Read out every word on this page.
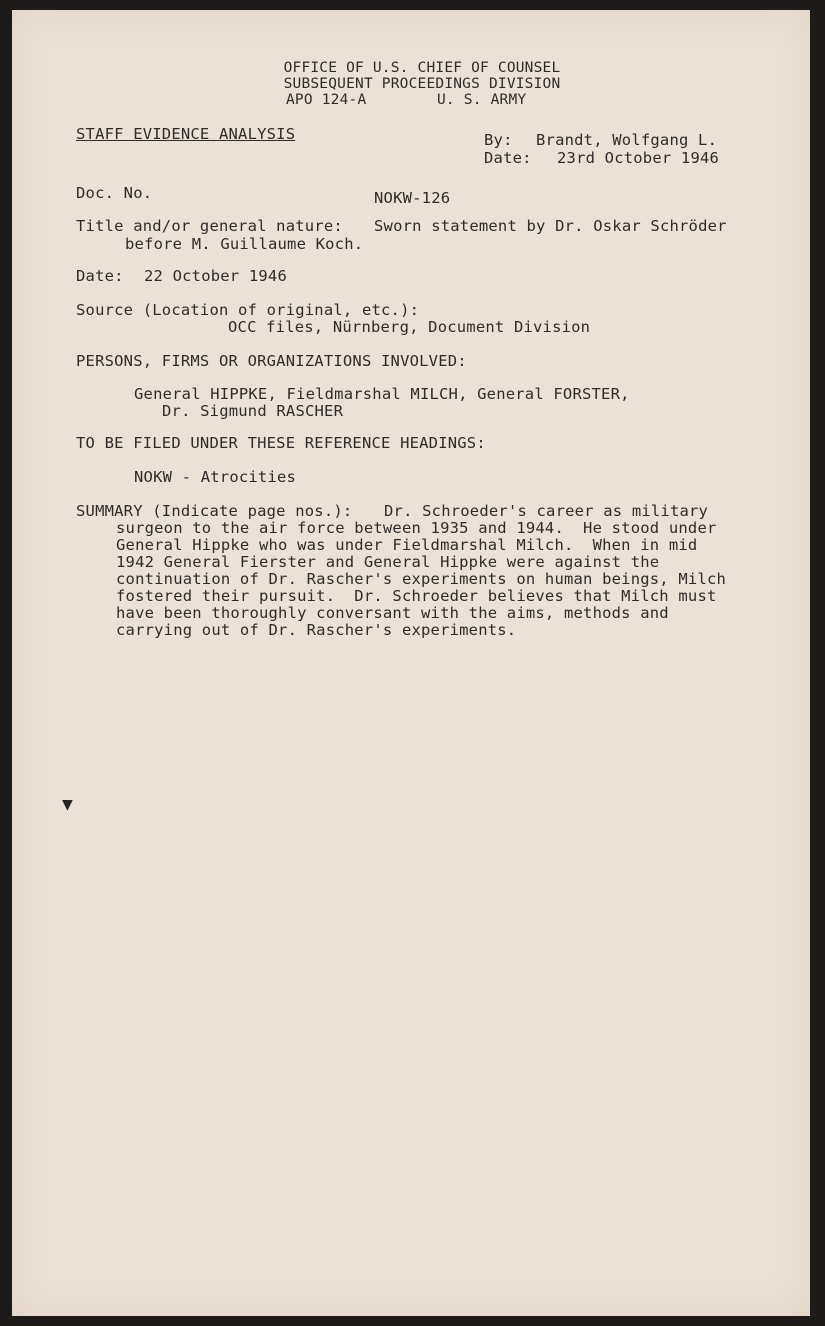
OFFICE OF U.S. CHIEF OF COUNSEL
SUBSEQUENT PROCEEDINGS DIVISION
APO 124-A	U. S. ARMY
STAFF EVIDENCE ANALYSIS	By: Brandt, Wolfgang L.
Date: 23rd October 1946
Doc. No.	NOKW-126
Title and/or general nature: Sworn statement by Dr. Oskar Schröder
before M. Guillaume Koch.
Date: 22 October 1946
Source (Location of original, etc.):
OCC files, Nürnberg, Document Division
PERSONS, FIRMS OR ORGANIZATIONS INVOLVED:
General HIPPKE, Fieldmarshal MILCH, General FORSTER,
Dr. Sigmund RASCHER
TO BE FILED UNDER THESE REFERENCE HEADINGS:
NOKW - Atrocities
SUMMARY (Indicate page nos.): Dr. Schroeder's career as military
surgeon to the air force between 1935 and 1944.  He stood under
General Hippke who was under Fieldmarshal Milch.  When in mid
1942 General Fierster and General Hippke were against the
continuation of Dr. Rascher's experiments on human beings, Milch
fostered their pursuit.  Dr. Schroeder believes that Milch must
have been thoroughly conversant with the aims, methods and
carrying out of Dr. Rascher's experiments.
▼
